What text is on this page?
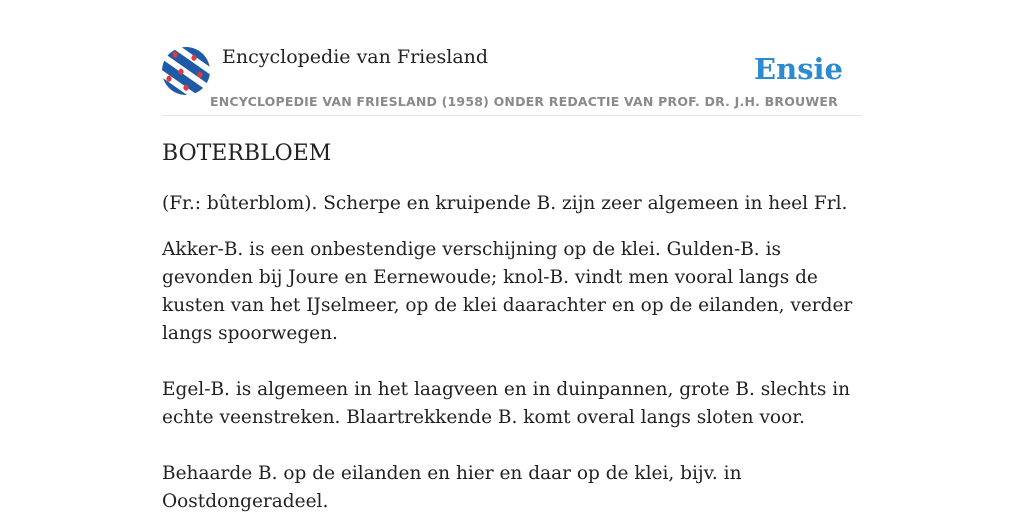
Encyclopedie van Friesland
ENCYCLOPEDIE VAN FRIESLAND (1958) ONDER REDACTIE VAN PROF. DR. J.H. BROUWER
Ensie
BOTERBLOEM

(Fr.: bûterblom). Scherpe en kruipende B. zijn zeer algemeen in heel Frl.

Akker-B. is een onbestendige verschijning op de klei. Gulden-B. is gevonden bij Joure en Eernewoude; knol-B. vindt men vooral langs de kusten van het IJselmeer, op de klei daarachter en op de eilanden, verder langs spoorwegen.

Egel-B. is algemeen in het laagveen en in duinpannen, grote B. slechts in echte veenstreken. Blaartrekkende B. komt overal langs sloten voor.

Behaarde B. op de eilanden en hier en daar op de klei, bijv. in Oostdongeradeel.
